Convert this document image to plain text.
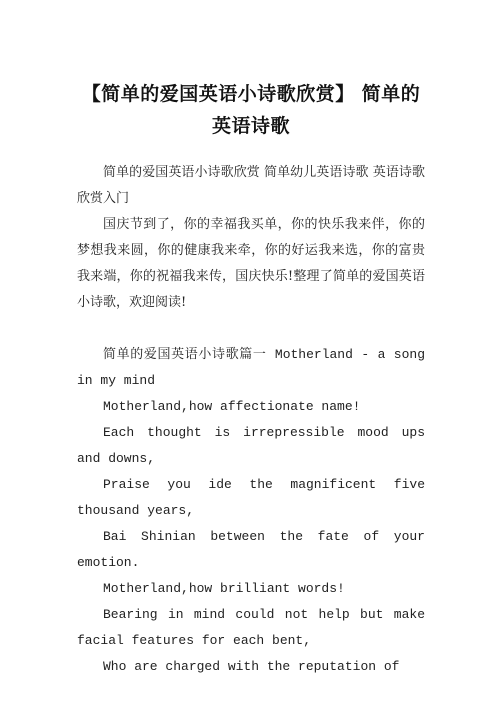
【简单的爱国英语小诗歌欣赏】 简单的英语诗歌

简单的爱国英语小诗歌欣赏 简单幼儿英语诗歌 英语诗歌欣赏入门

国庆节到了，你的幸福我买单，你的快乐我来伴，你的梦想我来圆，你的健康我来牵，你的好运我来选，你的富贵我来端，你的祝福我来传，国庆快乐!整理了简单的爱国英语小诗歌，欢迎阅读!

简单的爱国英语小诗歌篇一 Motherland - a song in my mind

Motherland,how affectionate name!

Each thought is irrepressible mood ups and downs,

Praise you ide the magnificent five thousand years,

Bai Shinian between the fate of your emotion.

Motherland,how brilliant words!

Bearing in mind could not help but make facial features for each bent,

Who are charged with the reputation of
